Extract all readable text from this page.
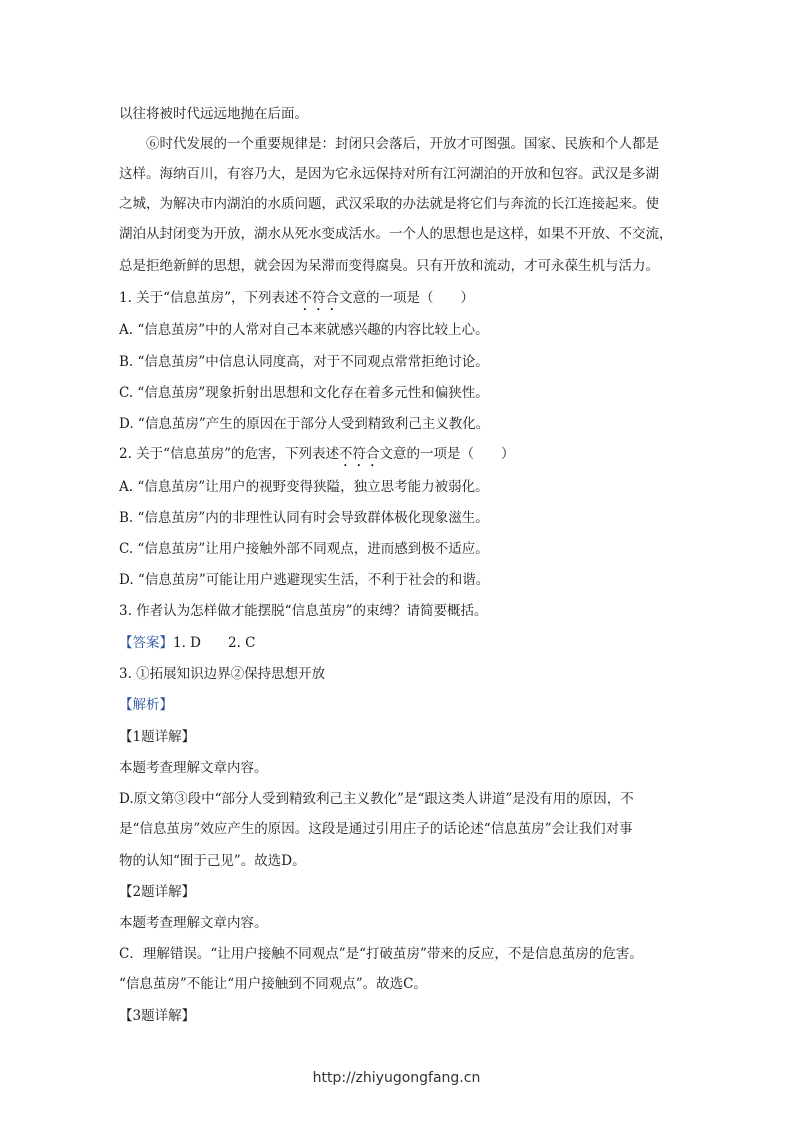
以往将被时代远远地抛在后面。
⑥时代发展的一个重要规律是：封闭只会落后，开放才可图强。国家、民族和个人都是
这样。海纳百川，有容乃大，是因为它永远保持对所有江河湖泊的开放和包容。武汉是多湖
之城，为解决市内湖泊的水质问题，武汉采取的办法就是将它们与奔流的长江连接起来。使
湖泊从封闭变为开放，湖水从死水变成活水。一个人的思想也是这样，如果不开放、不交流，
总是拒绝新鲜的思想，就会因为呆滞而变得腐臭。只有开放和流动，才可永葆生机与活力。
1. 关于“信息茧房”，下列表述不符合文意的一项是（　　）
A. “信息茧房”中的人常对自己本来就感兴趣的内容比较上心。
B. “信息茧房”中信息认同度高，对于不同观点常常拒绝讨论。
C. “信息茧房”现象折射出思想和文化存在着多元性和偏狭性。
D. “信息茧房”产生的原因在于部分人受到精致利己主义教化。
2. 关于“信息茧房”的危害，下列表述不符合文意的一项是（　　）
A. “信息茧房”让用户的视野变得狭隘，独立思考能力被弱化。
B. “信息茧房”内的非理性认同有时会导致群体极化现象滋生。
C. “信息茧房”让用户接触外部不同观点，进而感到极不适应。
D. “信息茧房”可能让用户逃避现实生活，不利于社会的和谐。
3. 作者认为怎样做才能摆脱“信息茧房”的束缚？请简要概括。
【答案】1. D　　2. C
3. ①拓展知识边界②保持思想开放
【解析】
【1题详解】
本题考查理解文章内容。
D.原文第③段中“部分人受到精致利己主义教化”是“跟这类人讲道”是没有用的原因，不
是“信息茧房”效应产生的原因。这段是通过引用庄子的话论述“信息茧房”会让我们对事
物的认知“囿于己见”。故选D。
【2题详解】
本题考查理解文章内容。
C．理解错误。“让用户接触不同观点”是“打破茧房”带来的反应，不是信息茧房的危害。
“信息茧房”不能让“用户接触到不同观点”。故选C。
【3题详解】
http://zhiyugongfang.cn
